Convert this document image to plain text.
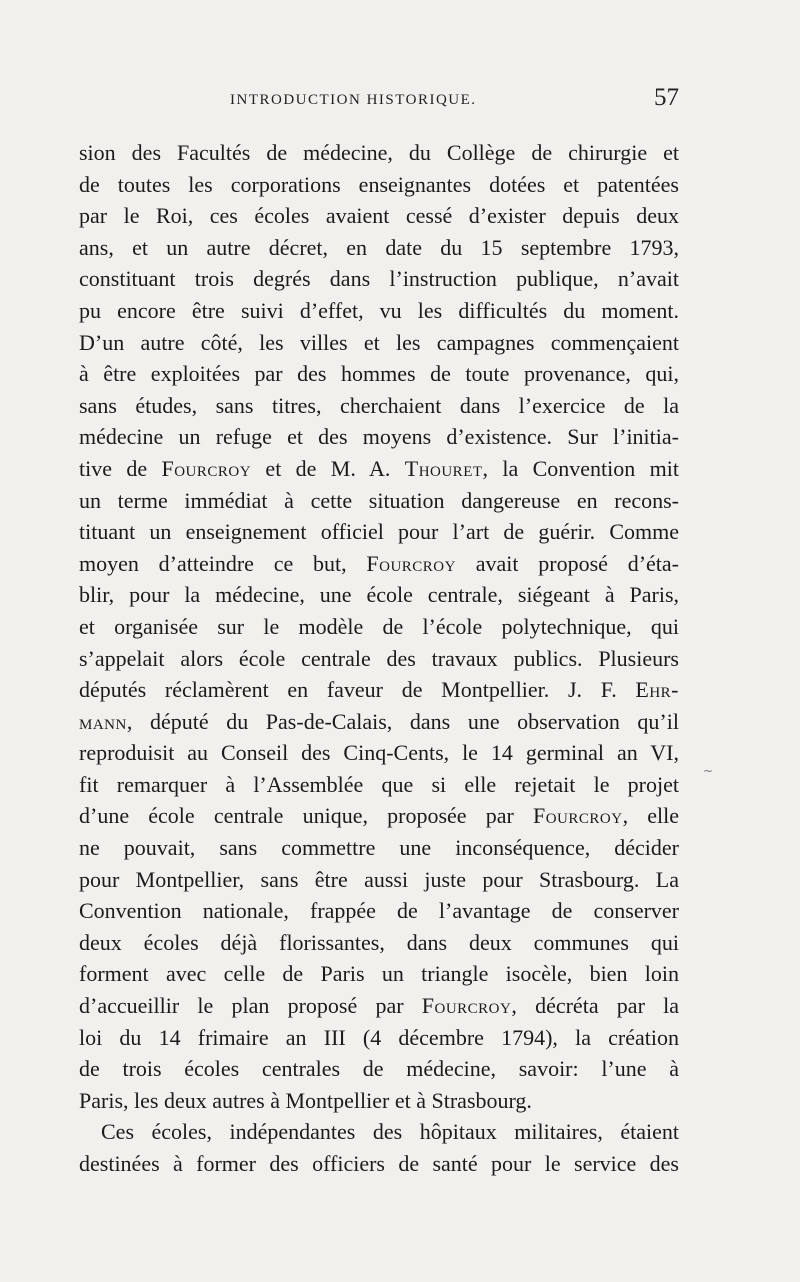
INTRODUCTION HISTORIQUE.	57
sion des Facultés de médecine, du Collège de chirurgie et
de toutes les corporations enseignantes dotées et patentées
par le Roi, ces écoles avaient cessé d’exister depuis deux
ans, et un autre décret, en date du 15 septembre 1793,
constituant trois degrés dans l’instruction publique, n’avait
pu encore être suivi d’effet, vu les difficultés du moment.
D’un autre côté, les villes et les campagnes commençaient
à être exploitées par des hommes de toute provenance, qui,
sans études, sans titres, cherchaient dans l’exercice de la
médecine un refuge et des moyens d’existence. Sur l’initia-
tive de Fourcroy et de M. A. Thouret, la Convention mit
un terme immédiat à cette situation dangereuse en recons-
tituant un enseignement officiel pour l’art de guérir. Comme
moyen d’atteindre ce but, Fourcroy avait proposé d’éta-
blir, pour la médecine, une école centrale, siégeant à Paris,
et organisée sur le modèle de l’école polytechnique, qui
s’appelait alors école centrale des travaux publics. Plusieurs
députés réclamèrent en faveur de Montpellier. J. F. Ehr-
mann, député du Pas-de-Calais, dans une observation qu’il
reproduisit au Conseil des Cinq-Cents, le 14 germinal an VI,
fit remarquer à l’Assemblée que si elle rejetait le projet
d’une école centrale unique, proposée par Fourcroy, elle
ne pouvait, sans commettre une inconséquence, décider
pour Montpellier, sans être aussi juste pour Strasbourg. La
Convention nationale, frappée de l’avantage de conserver
deux écoles déjà florissantes, dans deux communes qui
forment avec celle de Paris un triangle isocèle, bien loin
d’accueillir le plan proposé par Fourcroy, décréta par la
loi du 14 frimaire an III (4 décembre 1794), la création
de trois écoles centrales de médecine, savoir: l’une à
Paris, les deux autres à Montpellier et à Strasbourg.
Ces écoles, indépendantes des hôpitaux militaires, étaient
destinées à former des officiers de santé pour le service des
~
